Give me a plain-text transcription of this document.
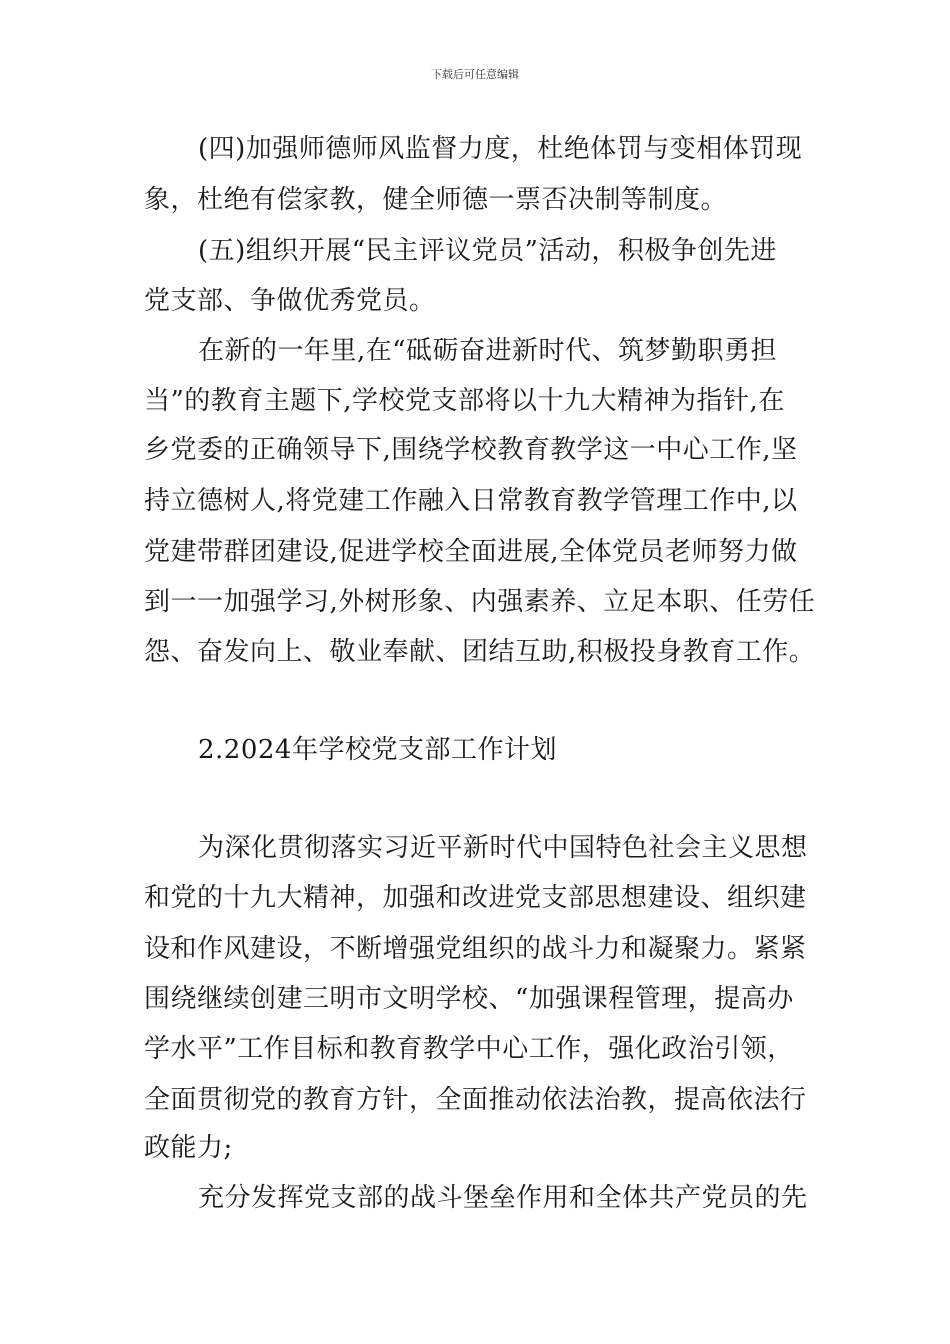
下载后可任意编辑
(四)加强师德师风监督力度，杜绝体罚与变相体罚现
象，杜绝有偿家教，健全师德一票否决制等制度。
(五)组织开展“民主评议党员”活动，积极争创先进
党支部、争做优秀党员。
在新的一年里,在“砥砺奋进新时代、筑梦勤职勇担
当”的教育主题下,学校党支部将以十九大精神为指针,在
乡党委的正确领导下,围绕学校教育教学这一中心工作,坚
持立德树人,将党建工作融入日常教育教学管理工作中,以
党建带群团建设,促进学校全面进展,全体党员老师努力做
到一一加强学习,外树形象、内强素养、立足本职、任劳任
怨、奋发向上、敬业奉献、团结互助,积极投身教育工作。
2.2024年学校党支部工作计划
为深化贯彻落实习近平新时代中国特色社会主义思想
和党的十九大精神，加强和改进党支部思想建设、组织建
设和作风建设，不断增强党组织的战斗力和凝聚力。紧紧
围绕继续创建三明市文明学校、“加强课程管理，提高办
学水平”工作目标和教育教学中心工作，强化政治引领，
全面贯彻党的教育方针，全面推动依法治教，提高依法行
政能力;
充分发挥党支部的战斗堡垒作用和全体共产党员的先
